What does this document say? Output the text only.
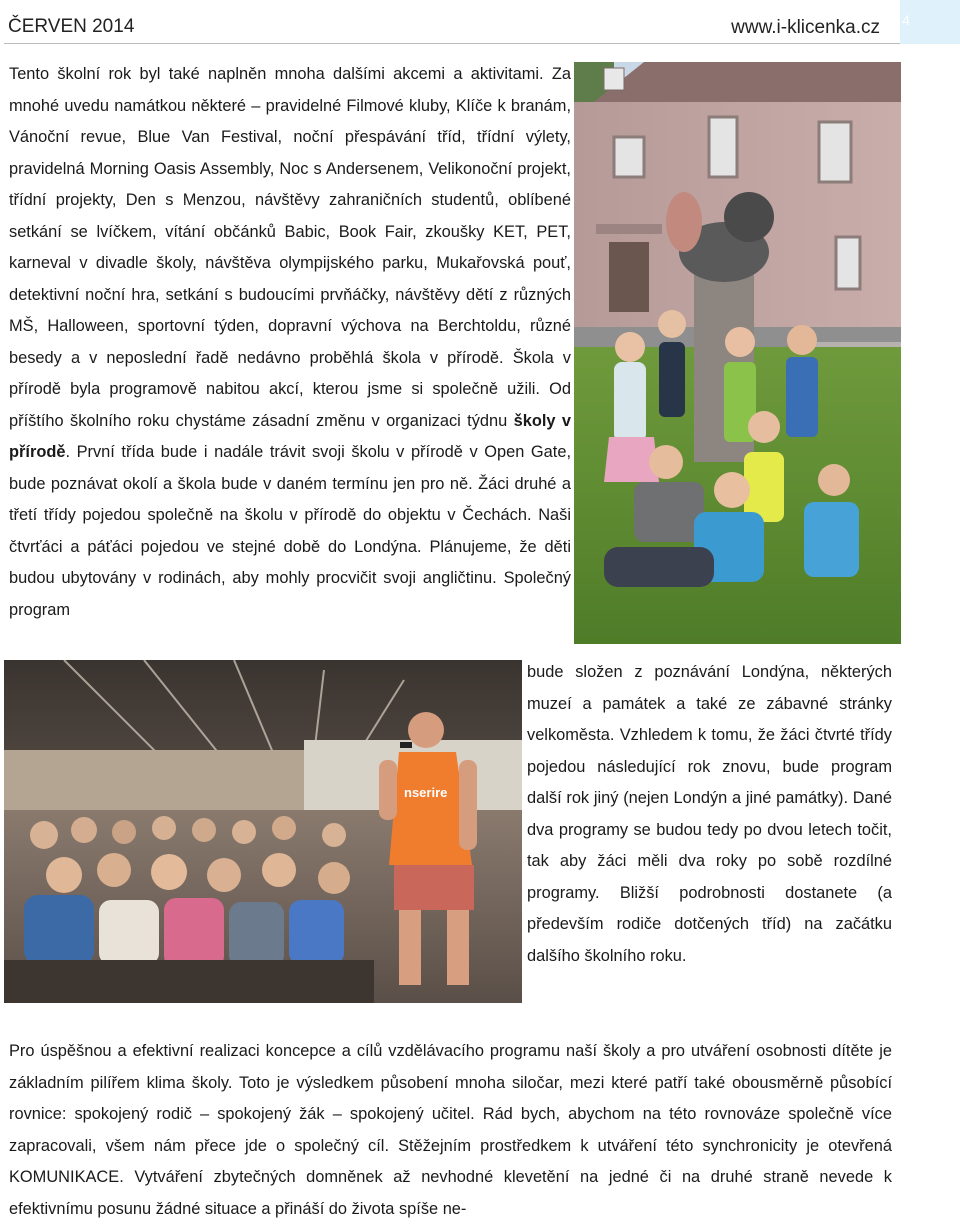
ČERVEN 2014	www.i-klicenka.cz 4

Tento školní rok byl také naplněn mnoha dalšími akcemi a aktivitami. Za mnohé uvedu namátkou některé – pravidelné Filmové kluby, Klíče k branám, Vánoční revue, Blue Van Festival, noční přespávání tříd, třídní výlety, pravidelná Morning Oasis Assembly, Noc s Andersenem, Velikonoční projekt, třídní projekty, Den s Menzou, návštěvy zahraničních studentů, oblíbené setkání se lvíčkem, vítání občánků Babic, Book Fair, zkoušky KET, PET, karneval v divadle školy, návštěva olympijského parku, Mukařovská pouť, detektivní noční hra, setkání s budoucími prvňáčky, návštěvy dětí z různých MŠ, Halloween, sportovní týden, dopravní výchova na Berchtoldu, různé besedy a v neposlední řadě nedávno proběhlá škola v přírodě. Škola v přírodě byla programově nabitou akcí, kterou jsme si společně užili. Od příštího školního roku chystáme zásadní změnu v organizaci týdnu školy v přírodě. První třída bude i nadále trávit svoji školu v přírodě v Open Gate, bude poznávat okolí a škola bude v daném termínu jen pro ně. Žáci druhé a třetí třídy pojedou společně na školu v přírodě do objektu v Čechách. Naši čtvrťáci a páťáci pojedou ve stejné době do Londýna. Plánujeme, že děti budou ubytovány v rodinách, aby mohly procvičit svoji angličtinu. Společný program

nserire

bude složen z poznávání Londýna, některých muzeí a památek a také ze zábavné stránky velkoměsta. Vzhledem k tomu, že žáci čtvrté třídy pojedou následující rok znovu, bude program další rok jiný (nejen Londýn a jiné památky). Dané dva programy se budou tedy po dvou letech točit, tak aby žáci měli dva roky po sobě rozdílné programy. Bližší podrobnosti dostanete (a především rodiče dotčených tříd) na začátku dalšího školního roku.

Pro úspěšnou a efektivní realizaci koncepce a cílů vzdělávacího programu naší školy a pro utváření osobnosti dítěte je základním pilířem klima školy. Toto je výsledkem působení mnoha siločar, mezi které patří také obousměrně působící rovnice: spokojený rodič – spokojený žák – spokojený učitel. Rád bych, abychom na této rovnováze společně více zapracovali, všem nám přece jde o společný cíl. Stěžejním prostředkem k utváření této synchronicity je otevřená KOMUNIKACE. Vytváření zbytečných domněnek až nevhodné klevetění na jedné či na druhé straně nevede k efektivnímu posunu žádné situace a přináší do života spíše ne-
